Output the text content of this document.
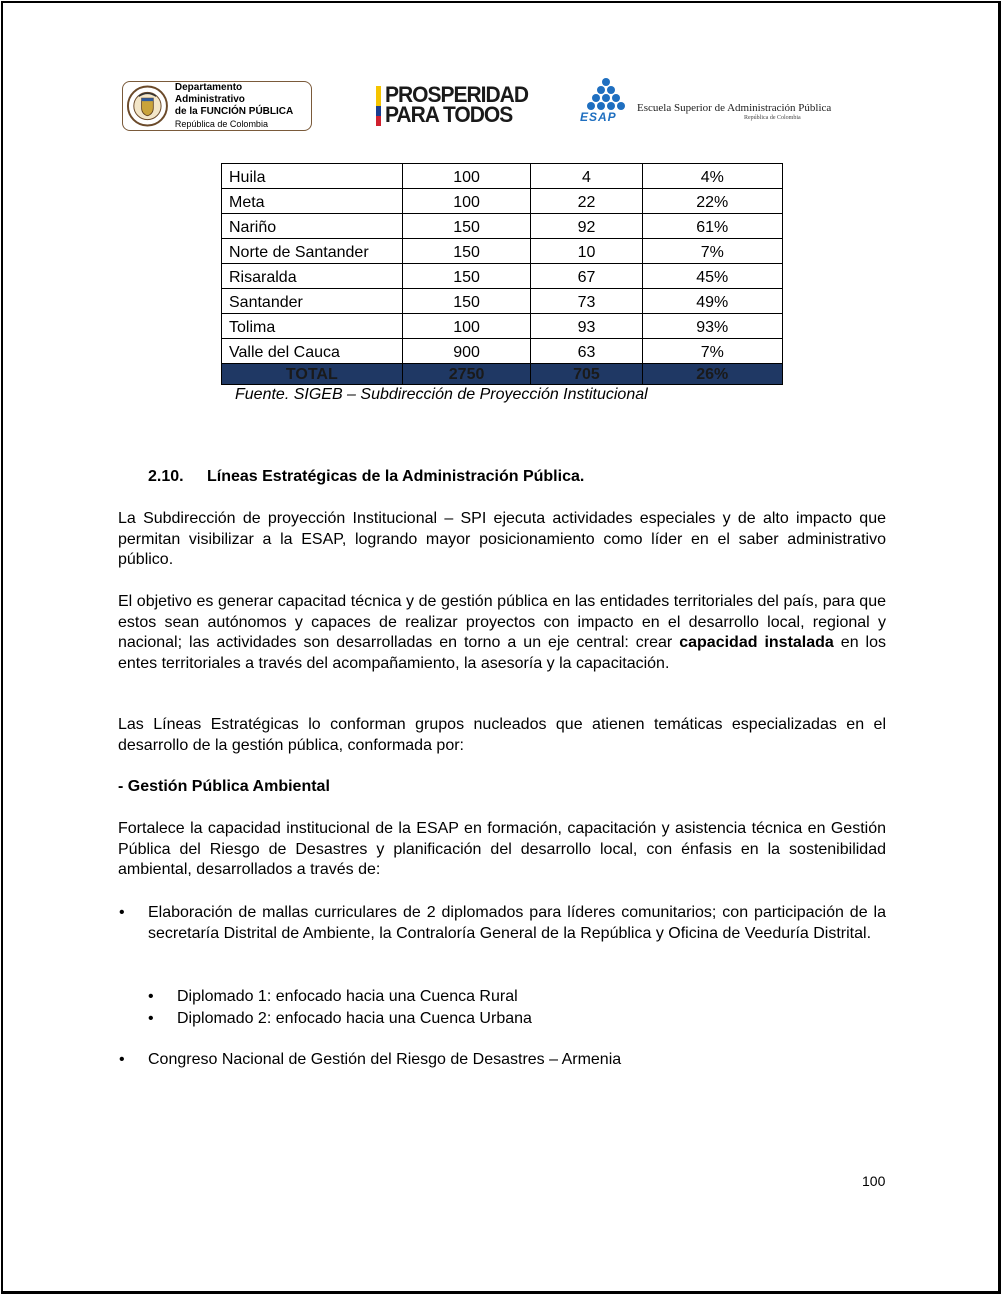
Departamento Administrativo
de la FUNCIÓN PÚBLICA
República de Colombia
PROSPERIDAD
PARA TODOS	ESAP
Escuela Superior de Administración Pública
República de Colombia
Huila	100	4	4%
Meta	100	22	22%
Nariño	150	92	61%
Norte de Santander	150	10	7%
Risaralda	150	67	45%
Santander	150	73	49%
Tolima	100	93	93%
Valle del Cauca	900	63	7%
TOTAL	2750	705	26%
Fuente. SIGEB – Subdirección de Proyección Institucional
2.10. Líneas Estratégicas de la Administración Pública.

La Subdirección de proyección Institucional – SPI ejecuta actividades especiales y de alto impacto que permitan visibilizar a la ESAP, logrando mayor posicionamiento como líder en el saber administrativo público.

El objetivo es generar capacitad técnica y de gestión pública en las entidades territoriales del país, para que estos sean autónomos y capaces de realizar proyectos con impacto en el desarrollo local, regional y nacional; las actividades son desarrolladas en torno a un eje central: crear capacidad instalada en los entes territoriales a través del acompañamiento, la asesoría y la capacitación.

Las Líneas Estratégicas lo conforman grupos nucleados que atienen temáticas especializadas en el desarrollo de la gestión pública, conformada por:

- Gestión Pública Ambiental

Fortalece la capacidad institucional de la ESAP en formación, capacitación y asistencia técnica en Gestión Pública del Riesgo de Desastres y planificación del desarrollo local, con énfasis en la sostenibilidad ambiental, desarrollados a través de:

• Elaboración de mallas curriculares de 2 diplomados para líderes comunitarios; con participación de la secretaría Distrital de Ambiente, la Contraloría General de la República y Oficina de Veeduría Distrital.
• Diplomado 1: enfocado hacia una Cuenca Rural
• Diplomado 2: enfocado hacia una Cuenca Urbana
• Congreso Nacional de Gestión del Riesgo de Desastres – Armenia
100
